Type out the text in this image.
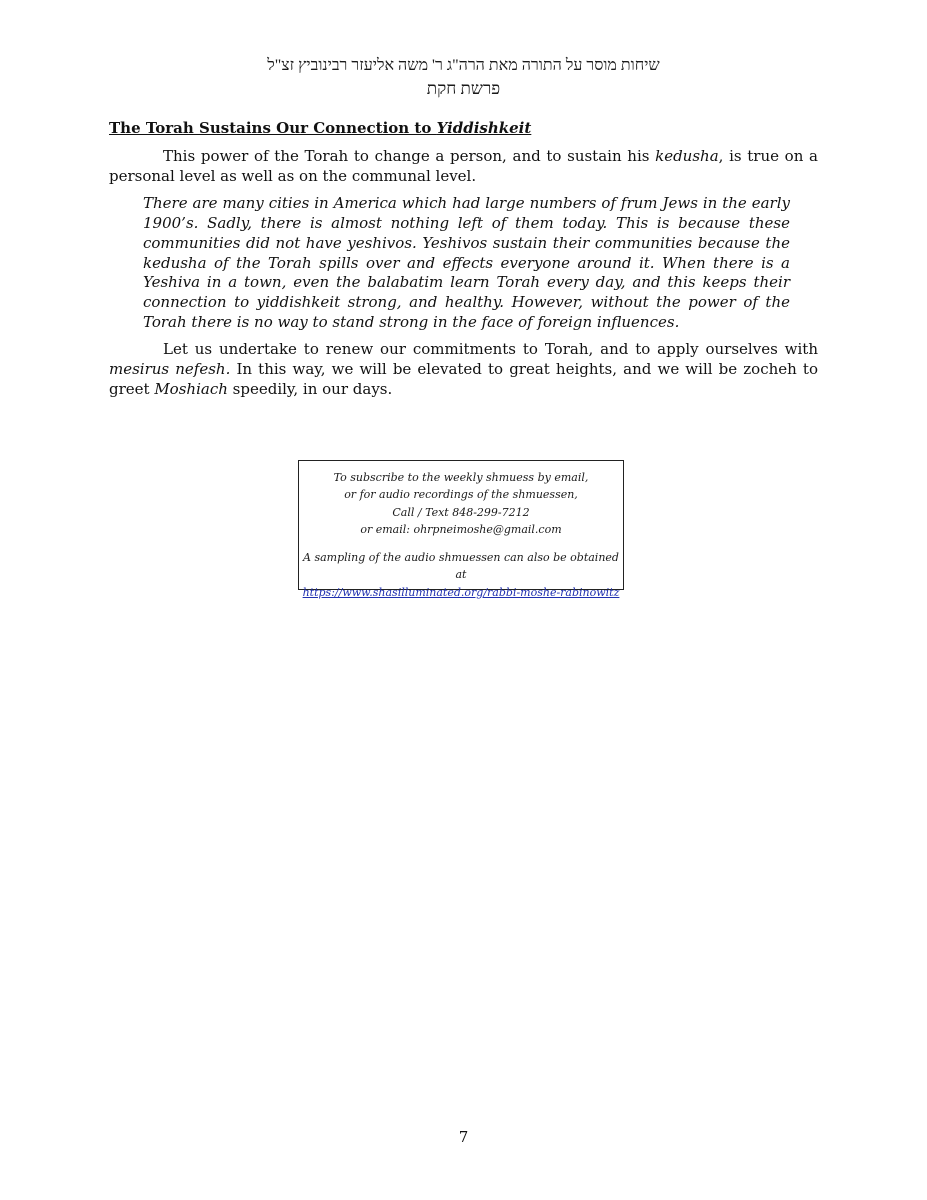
שיחות מוסר על התורה מאת הרה"ג ר' משה אליעזר רבינוביץ זצ"ל
פרשת חקת
The Torah Sustains Our Connection to Yiddishkeit

This power of the Torah to change a person, and to sustain his kedusha, is true on a personal level as well as on the communal level.

There are many cities in America which had large numbers of frum Jews in the early 1900’s. Sadly, there is almost nothing left of them today. This is because these communities did not have yeshivos. Yeshivos sustain their communities because the kedusha of the Torah spills over and effects everyone around it. When there is a Yeshiva in a town, even the balabatim learn Torah every day, and this keeps their connection to yiddishkeit strong, and healthy. However, without the power of the Torah there is no way to stand strong in the face of foreign influences.

Let us undertake to renew our commitments to Torah, and to apply ourselves with mesirus nefesh. In this way, we will be elevated to great heights, and we will be zocheh to greet Moshiach speedily, in our days.

To subscribe to the weekly shmuess by email,
or for audio recordings of the shmuessen,
Call / Text 848-299-7212
or email: ohrpneimoshe@gmail.com
A sampling of the audio shmuessen can also be obtained at
https://www.shasilluminated.org/rabbi-moshe-rabinowitz
7
